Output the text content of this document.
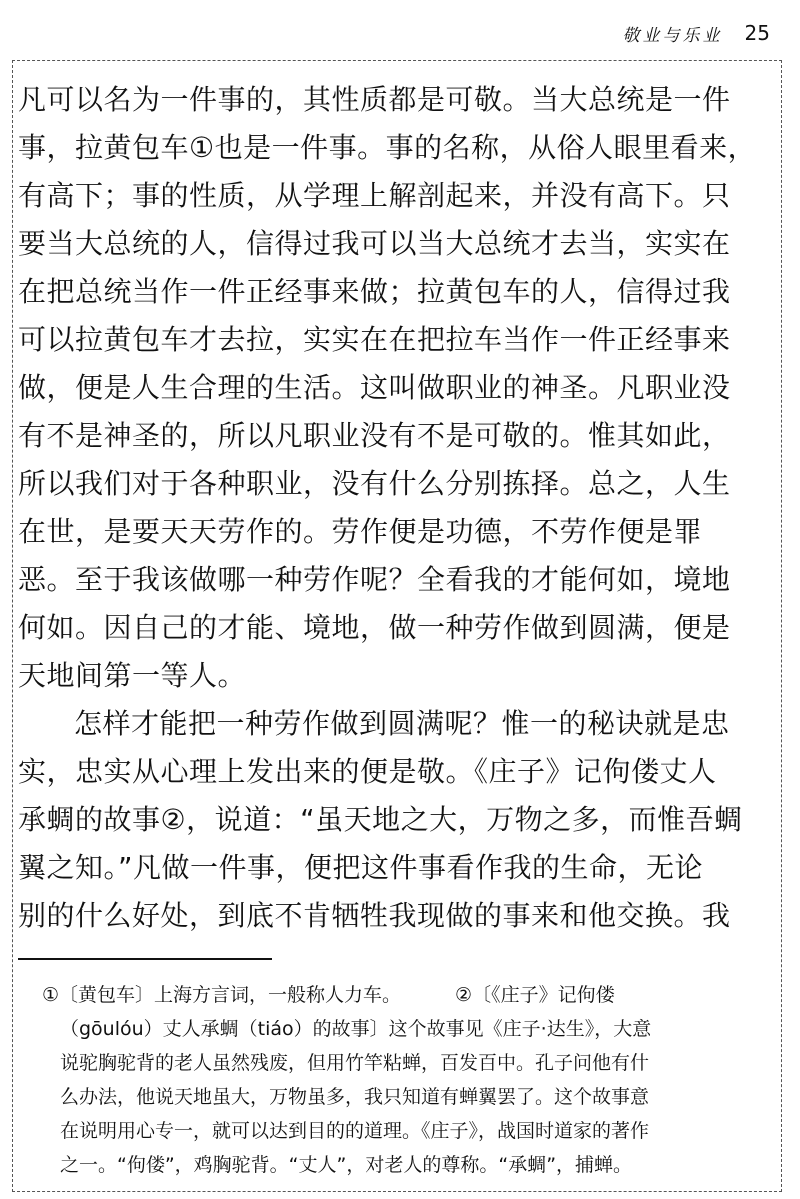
敬业与乐业 25
凡可以名为一件事的，其性质都是可敬。当大总统是一件
事，拉黄包车①也是一件事。事的名称，从俗人眼里看来，
有高下；事的性质，从学理上解剖起来，并没有高下。只
要当大总统的人，信得过我可以当大总统才去当，实实在
在把总统当作一件正经事来做；拉黄包车的人，信得过我
可以拉黄包车才去拉，实实在在把拉车当作一件正经事来
做，便是人生合理的生活。这叫做职业的神圣。凡职业没
有不是神圣的，所以凡职业没有不是可敬的。惟其如此，
所以我们对于各种职业，没有什么分别拣择。总之，人生
在世，是要天天劳作的。劳作便是功德，不劳作便是罪
恶。至于我该做哪一种劳作呢？全看我的才能何如，境地
何如。因自己的才能、境地，做一种劳作做到圆满，便是
天地间第一等人。
怎样才能把一种劳作做到圆满呢？惟一的秘诀就是忠
实，忠实从心理上发出来的便是敬。《庄子》记佝偻丈人
承蜩的故事②，说道：“虽天地之大，万物之多，而惟吾蜩
翼之知。”凡做一件事，便把这件事看作我的生命，无论
别的什么好处，到底不肯牺牲我现做的事来和他交换。我
①〔黄包车〕上海方言词，一般称人力车。	②〔《庄子》记佝偻
（gōulóu）丈人承蜩（tiáo）的故事〕这个故事见《庄子·达生》，大意
说驼胸驼背的老人虽然残废，但用竹竿粘蝉，百发百中。孔子问他有什
么办法，他说天地虽大，万物虽多，我只知道有蝉翼罢了。这个故事意
在说明用心专一，就可以达到目的的道理。《庄子》，战国时道家的著作
之一。“佝偻”，鸡胸驼背。“丈人”，对老人的尊称。“承蜩”，捕蝉。
